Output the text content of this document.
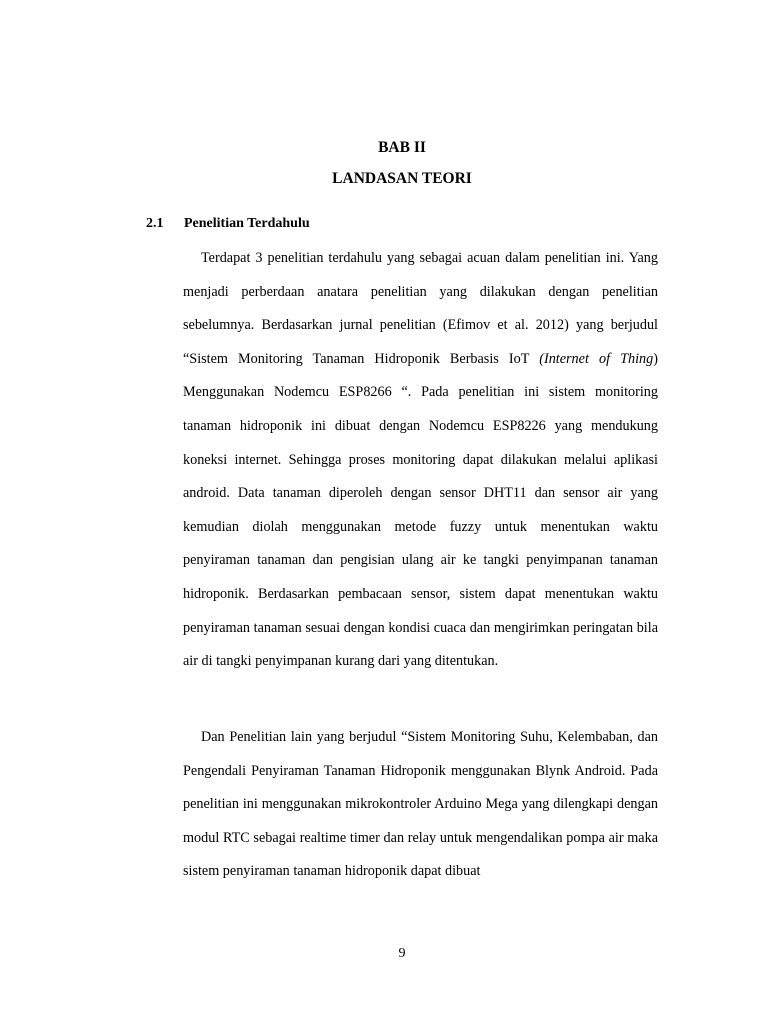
BAB II
LANDASAN TEORI
2.1 Penelitian Terdahulu

Terdapat 3 penelitian terdahulu yang sebagai acuan dalam penelitian ini. Yang menjadi perberdaan anatara penelitian yang dilakukan dengan penelitian sebelumnya. Berdasarkan jurnal penelitian (Efimov et al. 2012) yang berjudul “Sistem Monitoring Tanaman Hidroponik Berbasis IoT (Internet of Thing) Menggunakan Nodemcu ESP8266 “. Pada penelitian ini sistem monitoring tanaman hidroponik ini dibuat dengan Nodemcu ESP8226 yang mendukung koneksi internet. Sehingga proses monitoring dapat dilakukan melalui aplikasi android. Data tanaman diperoleh dengan sensor DHT11 dan sensor air yang kemudian diolah menggunakan metode fuzzy untuk menentukan waktu penyiraman tanaman dan pengisian ulang air ke tangki penyimpanan tanaman hidroponik. Berdasarkan pembacaan sensor, sistem dapat menentukan waktu penyiraman tanaman sesuai dengan kondisi cuaca dan mengirimkan peringatan bila air di tangki penyimpanan kurang dari yang ditentukan.

Dan Penelitian lain yang berjudul “Sistem Monitoring Suhu, Kelembaban, dan Pengendali Penyiraman Tanaman Hidroponik menggunakan Blynk Android. Pada penelitian ini menggunakan mikrokontroler Arduino Mega yang dilengkapi dengan modul RTC sebagai realtime timer dan relay untuk mengendalikan pompa air maka sistem penyiraman tanaman hidroponik dapat dibuat

9
